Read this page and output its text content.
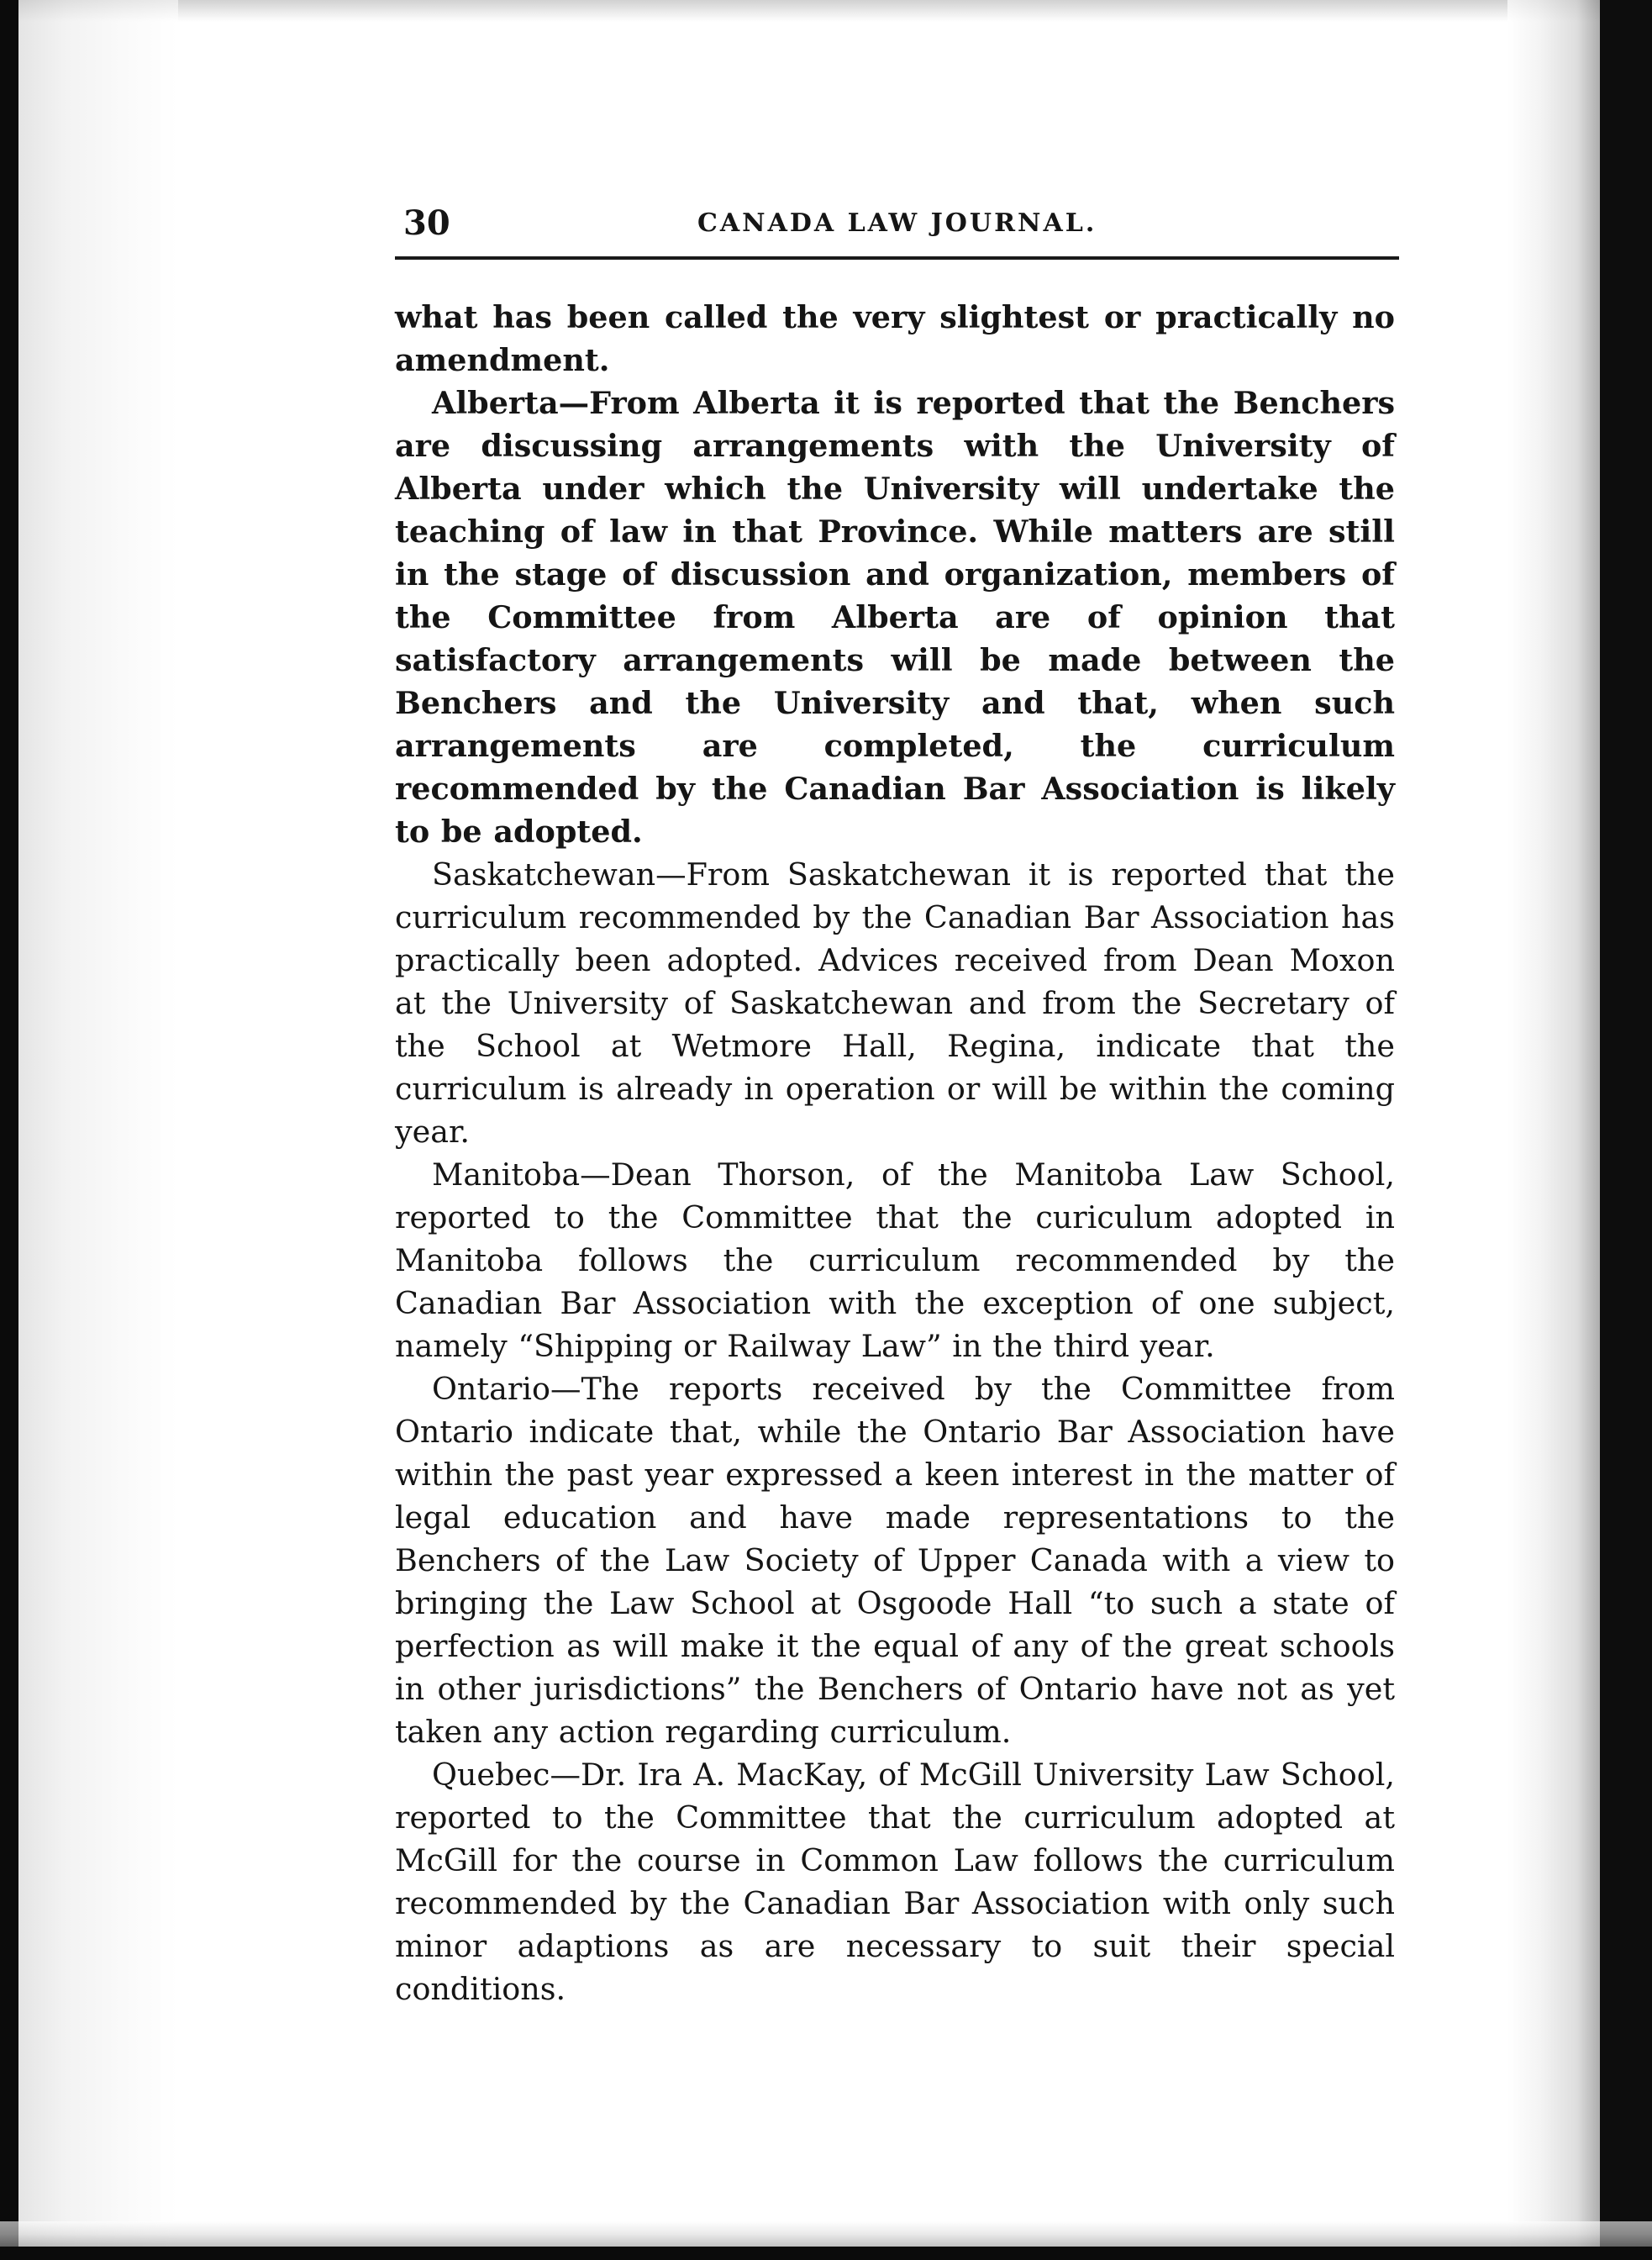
30	CANADA LAW JOURNAL.

what has been called the very slightest or practically no amendment.

Alberta—From Alberta it is reported that the Benchers are discussing arrangements with the University of Alberta under which the University will undertake the teaching of law in that Province. While matters are still in the stage of discussion and organization, members of the Committee from Alberta are of opinion that satisfactory arrangements will be made between the Benchers and the University and that, when such arrangements are completed, the curriculum recommended by the Canadian Bar Association is likely to be adopted.

Saskatchewan—From Saskatchewan it is reported that the curriculum recommended by the Canadian Bar Association has practically been adopted. Advices received from Dean Moxon at the University of Saskatchewan and from the Secretary of the School at Wetmore Hall, Regina, indicate that the curriculum is already in operation or will be within the coming year.

Manitoba—Dean Thorson, of the Manitoba Law School, reported to the Committee that the curiculum adopted in Manitoba follows the curriculum recommended by the Canadian Bar Association with the exception of one subject, namely “Shipping or Railway Law” in the third year.

Ontario—The reports received by the Committee from Ontario indicate that, while the Ontario Bar Association have within the past year expressed a keen interest in the matter of legal education and have made representations to the Benchers of the Law Society of Upper Canada with a view to bringing the Law School at Osgoode Hall “to such a state of perfection as will make it the equal of any of the great schools in other jurisdictions” the Benchers of Ontario have not as yet taken any action regarding curriculum.

Quebec—Dr. Ira A. MacKay, of McGill University Law School, reported to the Committee that the curriculum adopted at McGill for the course in Common Law follows the curriculum recommended by the Canadian Bar Association with only such minor adaptions as are necessary to suit their special conditions.
